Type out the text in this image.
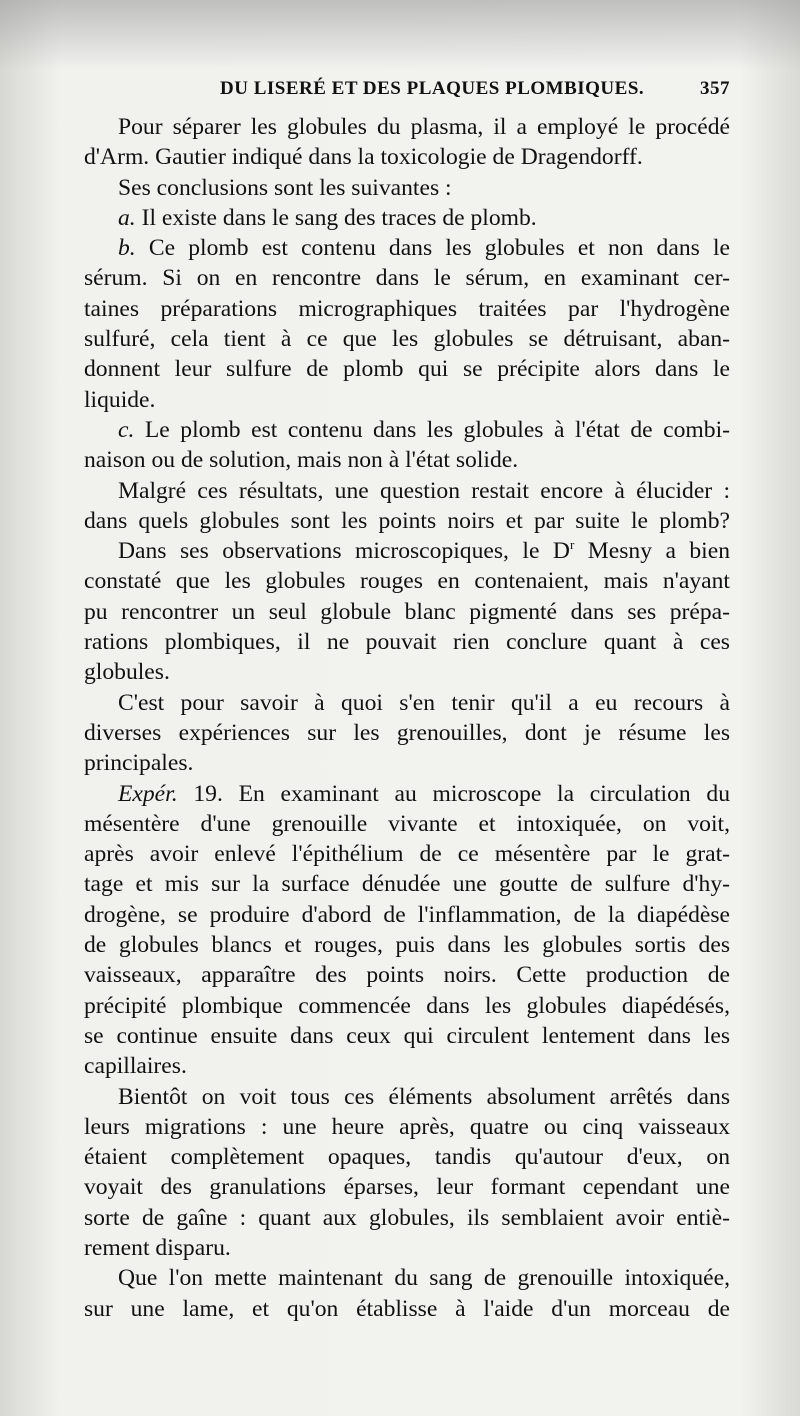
DU LISERÉ ET DES PLAQUES PLOMBIQUES.	357
Pour séparer les globules du plasma, il a employé le procédé
d'Arm. Gautier indiqué dans la toxicologie de Dragendorff.
Ses conclusions sont les suivantes :
a. Il existe dans le sang des traces de plomb.
b. Ce plomb est contenu dans les globules et non dans le
sérum. Si on en rencontre dans le sérum, en examinant cer-
taines préparations micrographiques traitées par l'hydrogène
sulfuré, cela tient à ce que les globules se détruisant, aban-
donnent leur sulfure de plomb qui se précipite alors dans le
liquide.
c. Le plomb est contenu dans les globules à l'état de combi-
naison ou de solution, mais non à l'état solide.
Malgré ces résultats, une question restait encore à élucider :
dans quels globules sont les points noirs et par suite le plomb?
Dans ses observations microscopiques, le $D^r$ Mesny a bien
constaté que les globules rouges en contenaient, mais n'ayant
pu rencontrer un seul globule blanc pigmenté dans ses prépa-
rations plombiques, il ne pouvait rien conclure quant à ces
globules.
C'est pour savoir à quoi s'en tenir qu'il a eu recours à
diverses expériences sur les grenouilles, dont je résume les
principales.
Expér. 19. En examinant au microscope la circulation du
mésentère d'une grenouille vivante et intoxiquée, on voit,
après avoir enlevé l'épithélium de ce mésentère par le grat-
tage et mis sur la surface dénudée une goutte de sulfure d'hy-
drogène, se produire d'abord de l'inflammation, de la diapédèse
de globules blancs et rouges, puis dans les globules sortis des
vaisseaux, apparaître des points noirs. Cette production de
précipité plombique commencée dans les globules diapédésés,
se continue ensuite dans ceux qui circulent lentement dans les
capillaires.
Bientôt on voit tous ces éléments absolument arrêtés dans
leurs migrations : une heure après, quatre ou cinq vaisseaux
étaient complètement opaques, tandis qu'autour d'eux, on
voyait des granulations éparses, leur formant cependant une
sorte de gaîne : quant aux globules, ils semblaient avoir entiè-
rement disparu.
Que l'on mette maintenant du sang de grenouille intoxiquée,
sur une lame, et qu'on établisse à l'aide d'un morceau de
